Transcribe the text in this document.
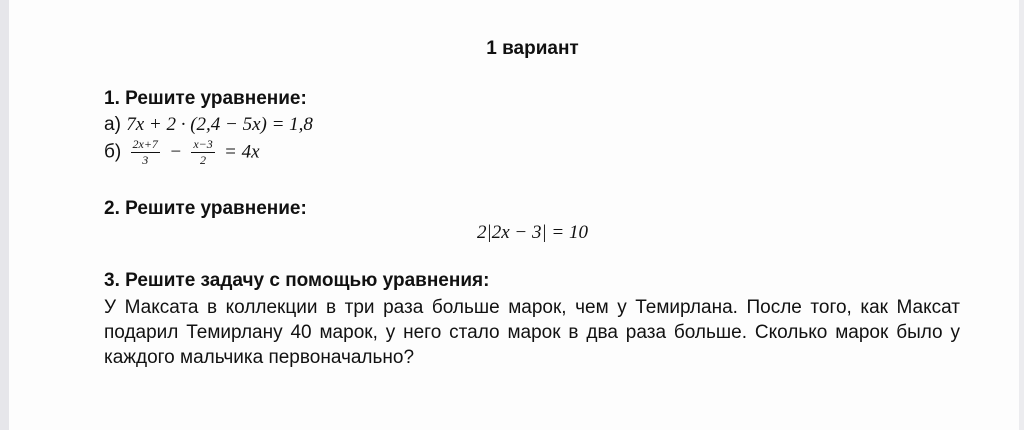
1 вариант
1. Решите уравнение:
а) 7x + 2 · (2,4 − 5x) = 1,8
$б) \frac{2x+7}{3} - \frac{x-3}{2} = 4x$
2. Решите уравнение:
2|2x − 3| = 10
3. Решите задачу с помощью уравнения:
У Максата в коллекции в три раза больше марок, чем у Темирлана. После того, как Максат подарил Темирлану 40 марок, у него стало марок в два раза больше. Сколько марок было у каждого мальчика первоначально?
